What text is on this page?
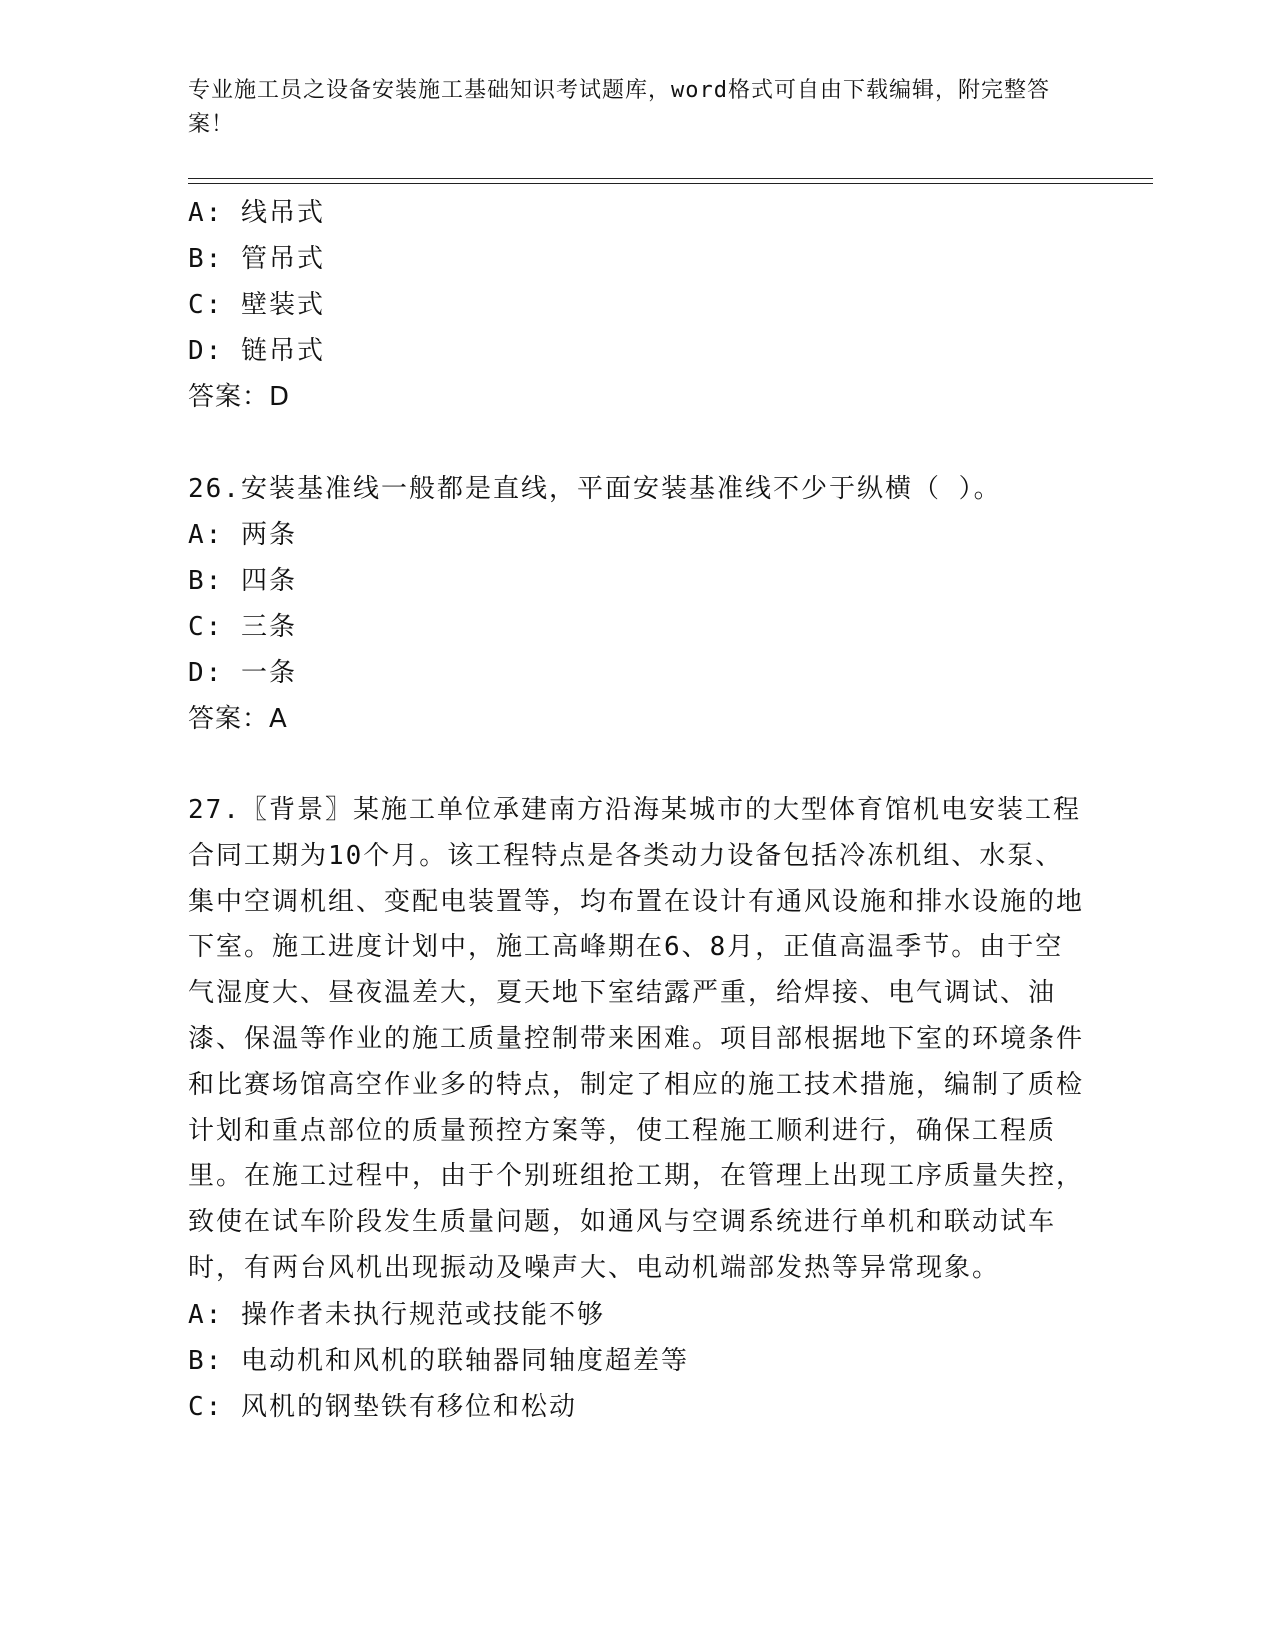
专业施工员之设备安装施工基础知识考试题库，word格式可自由下载编辑，附完整答案！
A: 线吊式
B: 管吊式
C: 壁装式
D: 链吊式
答案：D
26.安装基准线一般都是直线，平面安装基准线不少于纵横（ ）。
A: 两条
B: 四条
C: 三条
D: 一条
答案：A
27.〖背景〗某施工单位承建南方沿海某城市的大型体育馆机电安装工程合同工期为10个月。该工程特点是各类动力设备包括冷冻机组、水泵、集中空调机组、变配电装置等，均布置在设计有通风设施和排水设施的地下室。施工进度计划中，施工高峰期在6、8月，正值高温季节。由于空气湿度大、昼夜温差大，夏天地下室结露严重，给焊接、电气调试、油漆、保温等作业的施工质量控制带来困难。项目部根据地下室的环境条件和比赛场馆高空作业多的特点，制定了相应的施工技术措施，编制了质检计划和重点部位的质量预控方案等，使工程施工顺利进行，确保工程质里。在施工过程中，由于个别班组抢工期，在管理上出现工序质量失控，致使在试车阶段发生质量问题，如通风与空调系统进行单机和联动试车时，有两台风机出现振动及噪声大、电动机端部发热等异常现象。
A: 操作者未执行规范或技能不够
B: 电动机和风机的联轴器同轴度超差等
C: 风机的钢垫铁有移位和松动
